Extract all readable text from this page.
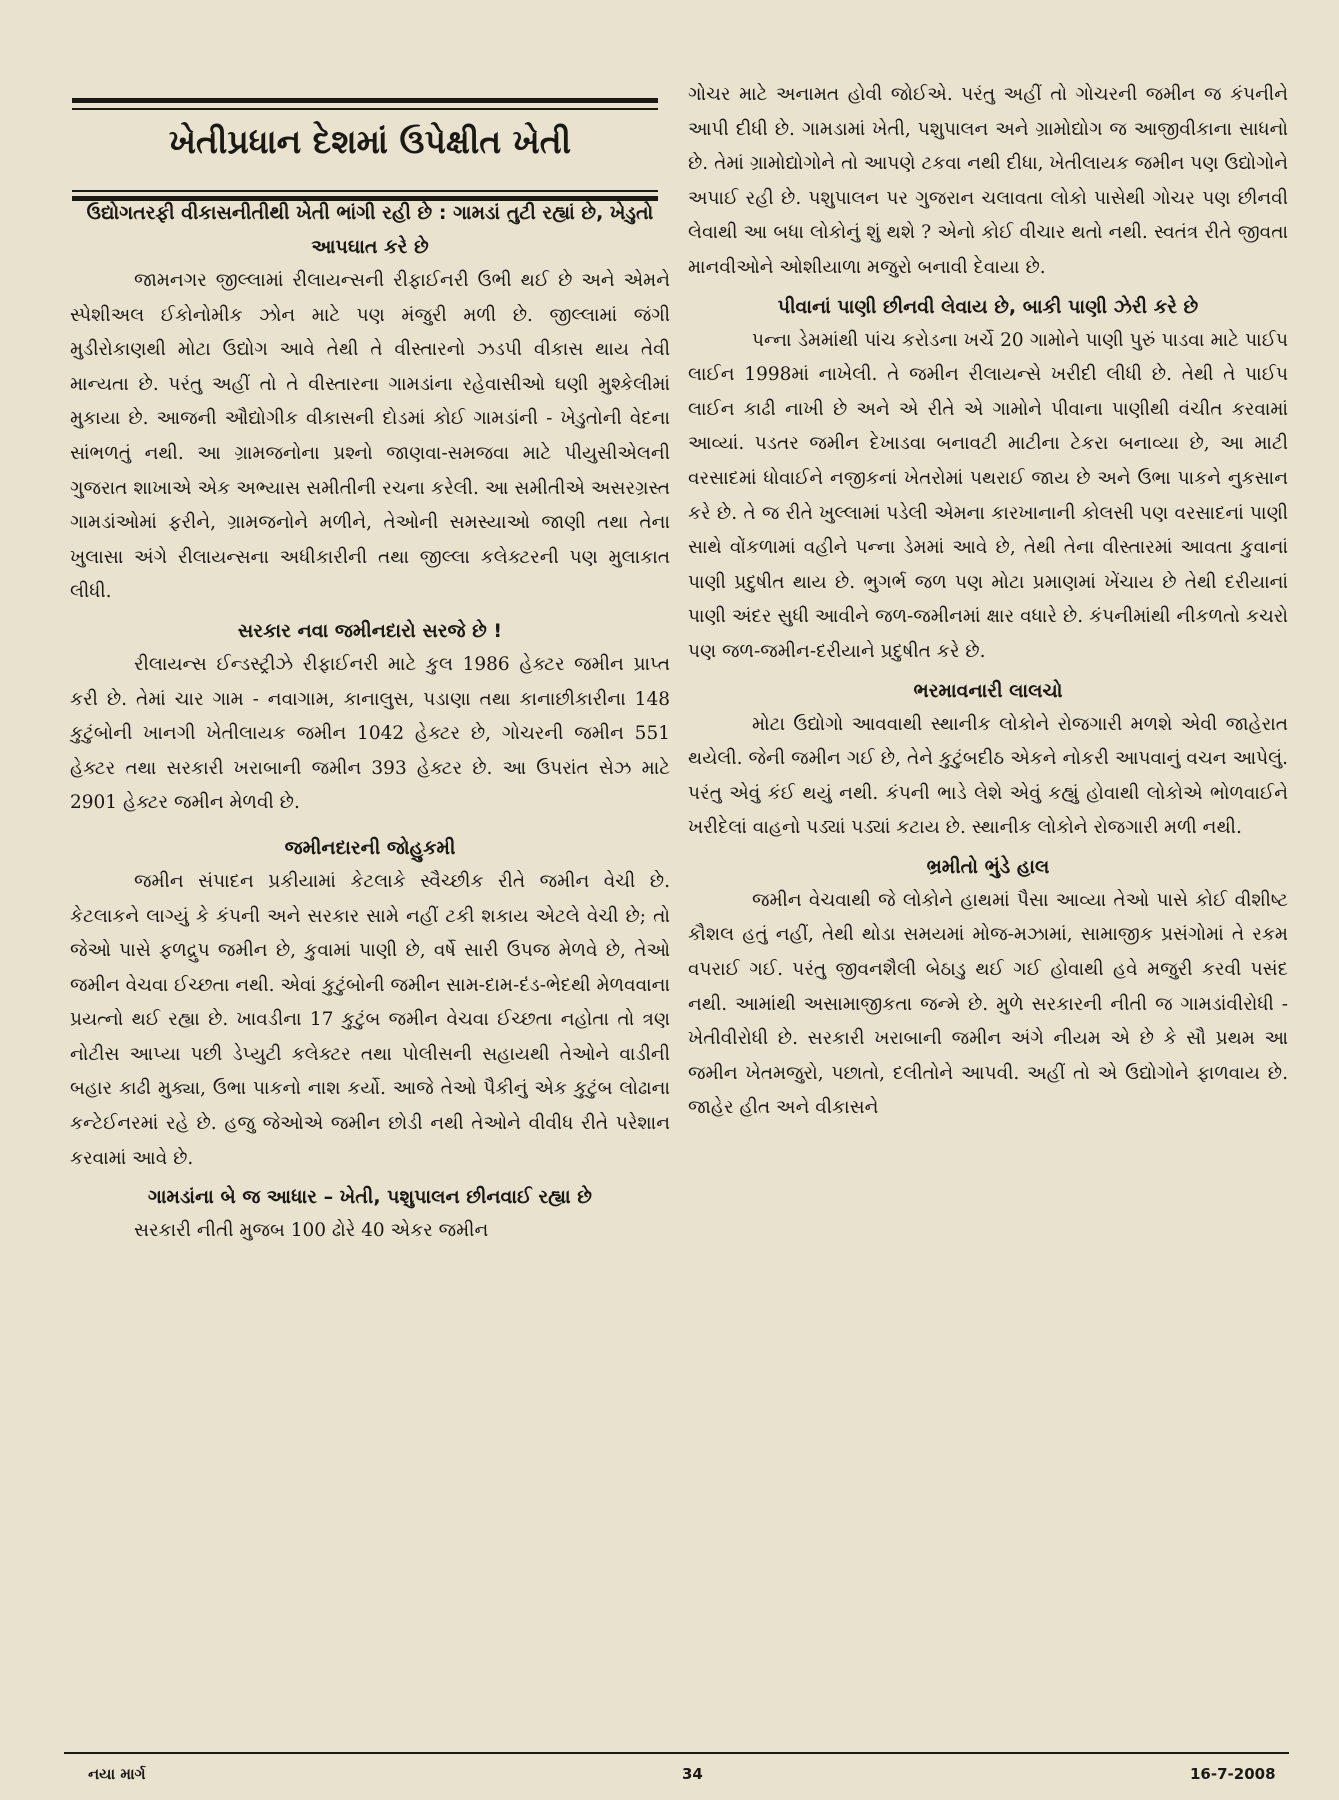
ખેતીપ્રધાન દેશમાં ઉપેક્ષીત ખેતી
ઉદ્યોગતરફી વીકાસનીતીથી ખેતી ભાંગી રહી છે : ગામડાં તુટી રહ્યાં છે, ખેડુતો આપઘાત કરે છે

જામનગર જીલ્લામાં રીલાયન્સની રીફાઈનરી ઉભી થઈ છે અને એમને સ્પેશીઅલ ઈકોનોમીક ઝોન માટે પણ મંજુરી મળી છે. જીલ્લામાં જંગી મુડીરોકાણથી મોટા ઉદ્યોગ આવે તેથી તે વીસ્તારનો ઝડપી વીકાસ થાય તેવી માન્યતા છે. પરંતુ અહીં તો તે વીસ્તારના ગામડાંના રહેવાસીઓ ઘણી મુશ્કેલીમાં મુકાયા છે. આજની ઔદ્યોગીક વીકાસની દોડમાં કોઈ ગામડાંની - ખેડુતોની વેદના સાંભળતું નથી. આ ગ્રામજનોના પ્રશ્નો જાણવા-સમજવા માટે પીયુસીએલની ગુજરાત શાખાએ એક અભ્યાસ સમીતીની રચના કરેલી. આ સમીતીએ અસરગ્રસ્ત ગામડાંઓમાં ફરીને, ગ્રામજનોને મળીને, તેઓની સમસ્યાઓ જાણી તથા તેના ખુલાસા અંગે રીલાયન્સના અધીકારીની તથા જીલ્લા કલેક્ટરની પણ મુલાકાત લીધી.

સરકાર નવા જમીનદારો સરજે છે !

રીલાયન્સ ઈન્ડસ્ટ્રીઝે રીફાઈનરી માટે કુલ 1986 હેક્ટર જમીન પ્રાપ્ત કરી છે. તેમાં ચાર ગામ - નવાગામ, કાનાલુસ, પડાણા તથા કાનાછીકારીના 148 કુટુંબોની ખાનગી ખેતીલાયક જમીન 1042 હેક્ટર છે, ગોચરની જમીન 551 હેક્ટર તથા સરકારી ખરાબાની જમીન 393 હેક્ટર છે. આ ઉપરાંત સેઝ માટે 2901 હેક્ટર જમીન મેળવી છે.

જમીનદારની જોહુકમી

જમીન સંપાદન પ્રકીયામાં કેટલાકે સ્વૈચ્છીક રીતે જમીન વેચી છે. કેટલાકને લાગ્યું કે કંપની અને સરકાર સામે નહીં ટકી શકાય એટલે વેચી છે; તો જેઓ પાસે ફળદ્રુપ જમીન છે, કુવામાં પાણી છે, વર્ષે સારી ઉપજ મેળવે છે, તેઓ જમીન વેચવા ઈચ્છતા નથી. એવાં કુટુંબોની જમીન સામ-દામ-દંડ-ભેદથી મેળવવાના પ્રયત્નો થઈ રહ્યા છે. ખાવડીના 17 કુટુંબ જમીન વેચવા ઈચ્છતા નહોતા તો ત્રણ નોટીસ આપ્યા પછી ડેપ્યુટી કલેક્ટર તથા પોલીસની સહાયથી તેઓને વાડીની બહાર કાઢી મુક્યા, ઉભા પાકનો નાશ કર્યો. આજે તેઓ પૈકીનું એક કુટુંબ લોઢાના કન્ટેઈનરમાં રહે છે. હજુ જેઓએ જમીન છોડી નથી તેઓને વીવીધ રીતે પરેશાન કરવામાં આવે છે.

ગામડાંના બે જ આધાર – ખેતી, પશુપાલન છીનવાઈ રહ્યા છે

સરકારી નીતી મુજબ 100 ઢોરે 40 એકર જમીન

ગોચર માટે અનામત હોવી જોઈએ. પરંતુ અહીં તો ગોચરની જમીન જ કંપનીને આપી દીધી છે. ગામડામાં ખેતી, પશુપાલન અને ગ્રામોદ્યોગ જ આજીવીકાના સાધનો છે. તેમાં ગ્રામોદ્યોગોને તો આપણે ટકવા નથી દીધા, ખેતીલાયક જમીન પણ ઉદ્યોગોને અપાઈ રહી છે. પશુપાલન પર ગુજરાન ચલાવતા લોકો પાસેથી ગોચર પણ છીનવી લેવાથી આ બધા લોકોનું શું થશે ? એનો કોઈ વીચાર થતો નથી. સ્વતંત્ર રીતે જીવતા માનવીઓને ઓશીયાળા મજુરો બનાવી દેવાયા છે.

પીવાનાં પાણી છીનવી લેવાય છે, બાકી પાણી ઝેરી કરે છે

પન્ના ડેમમાંથી પાંચ કરોડના ખર્ચે 20 ગામોને પાણી પુરું પાડવા માટે પાઈપ લાઈન 1998માં નાખેલી. તે જમીન રીલાયન્સે ખરીદી લીધી છે. તેથી તે પાઈપ લાઈન કાઢી નાખી છે અને એ રીતે એ ગામોને પીવાના પાણીથી વંચીત કરવામાં આવ્યાં. પડતર જમીન દેખાડવા બનાવટી માટીના ટેકરા બનાવ્યા છે, આ માટી વરસાદમાં ધોવાઈને નજીકનાં ખેતરોમાં પથરાઈ જાય છે અને ઉભા પાકને નુકસાન કરે છે. તે જ રીતે ખુલ્લામાં પડેલી એમના કારખાનાની કોલસી પણ વરસાદનાં પાણી સાથે વોંકળામાં વહીને પન્ના ડેમમાં આવે છે, તેથી તેના વીસ્તારમાં આવતા કુવાનાં પાણી પ્રદુષીત થાય છે. ભુગર્ભ જળ પણ મોટા પ્રમાણમાં ખેંચાય છે તેથી દરીયાનાં પાણી અંદર સુધી આવીને જળ-જમીનમાં ક્ષાર વધારે છે. કંપનીમાંથી નીકળતો કચરો પણ જળ-જમીન-દરીયાને પ્રદુષીત કરે છે.

ભરમાવનારી લાલચો

મોટા ઉદ્યોગો આવવાથી સ્થાનીક લોકોને રોજગારી મળશે એવી જાહેરાત થયેલી. જેની જમીન ગઈ છે, તેને કુટુંબદીઠ એકને નોકરી આપવાનું વચન આપેલું. પરંતુ એવું કંઈ થયું નથી. કંપની ભાડે લેશે એવું કહ્યું હોવાથી લોકોએ ભોળવાઈને ખરીદેલાં વાહનો પડ્યાં પડ્યાં કટાય છે. સ્થાનીક લોકોને રોજગારી મળી નથી.

ભ્રમીતો ભુંડે હાલ

જમીન વેચવાથી જે લોકોને હાથમાં પૈસા આવ્યા તેઓ પાસે કોઈ વીશીષ્ટ કૌશલ હતું નહીં, તેથી થોડા સમયમાં મોજ-મઝામાં, સામાજીક પ્રસંગોમાં તે રકમ વપરાઈ ગઈ. પરંતુ જીવનશૈલી બેઠાડુ થઈ ગઈ હોવાથી હવે મજુરી કરવી પસંદ નથી. આમાંથી અસામાજીકતા જન્મે છે. મુળે સરકારની નીતી જ ગામડાંવીરોધી - ખેતીવીરોધી છે. સરકારી ખરાબાની જમીન અંગે નીયમ એ છે કે સૌ પ્રથમ આ જમીન ખેતમજુરો, પછાતો, દલીતોને આપવી. અહીં તો એ ઉદ્યોગોને ફાળવાય છે. જાહેર હીત અને વીકાસને

નયા માર્ગ	34	16-7-2008
